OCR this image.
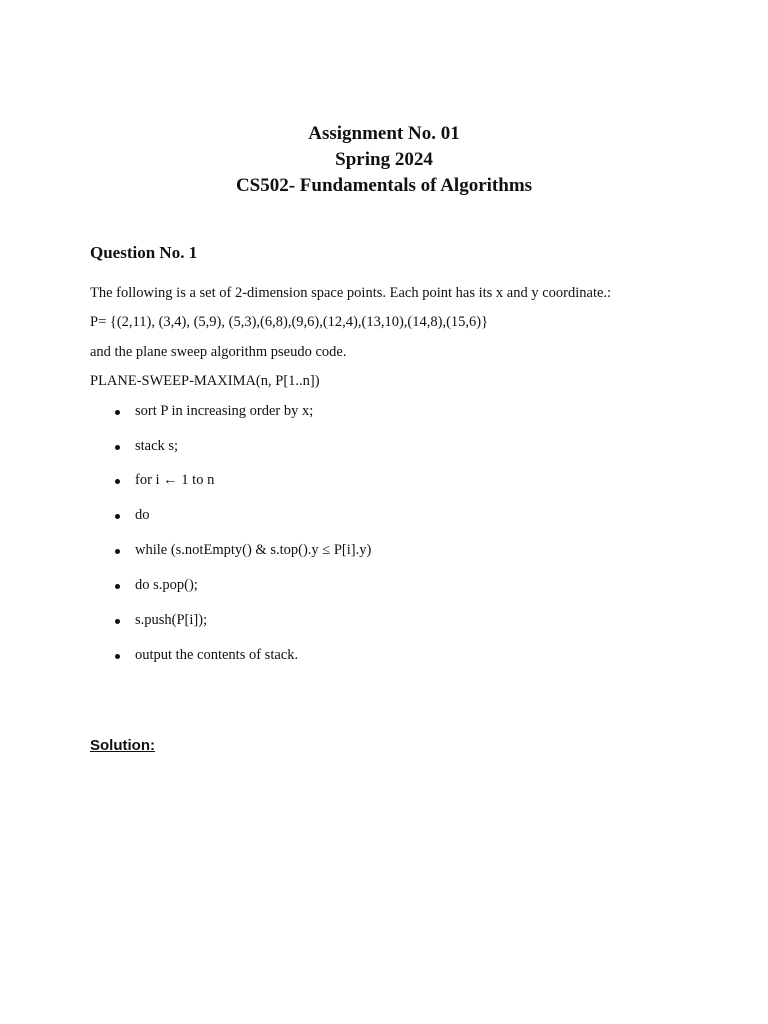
Assignment No. 01

Spring 2024

CS502- Fundamentals of Algorithms

Question No. 1

The following is a set of 2-dimension space points. Each point has its x and y coordinate.:

P= {(2,11), (3,4), (5,9), (5,3),(6,8),(9,6),(12,4),(13,10),(14,8),(15,6)}

and the plane sweep algorithm pseudo code.

PLANE-SWEEP-MAXIMA(n, P[1..n])

sort P in increasing order by x;
stack s;
for i ← 1 to n
do
while (s.notEmpty() & s.top().y ≤ P[i].y)
do s.pop();
s.push(P[i]);
output the contents of stack.

Solution:
